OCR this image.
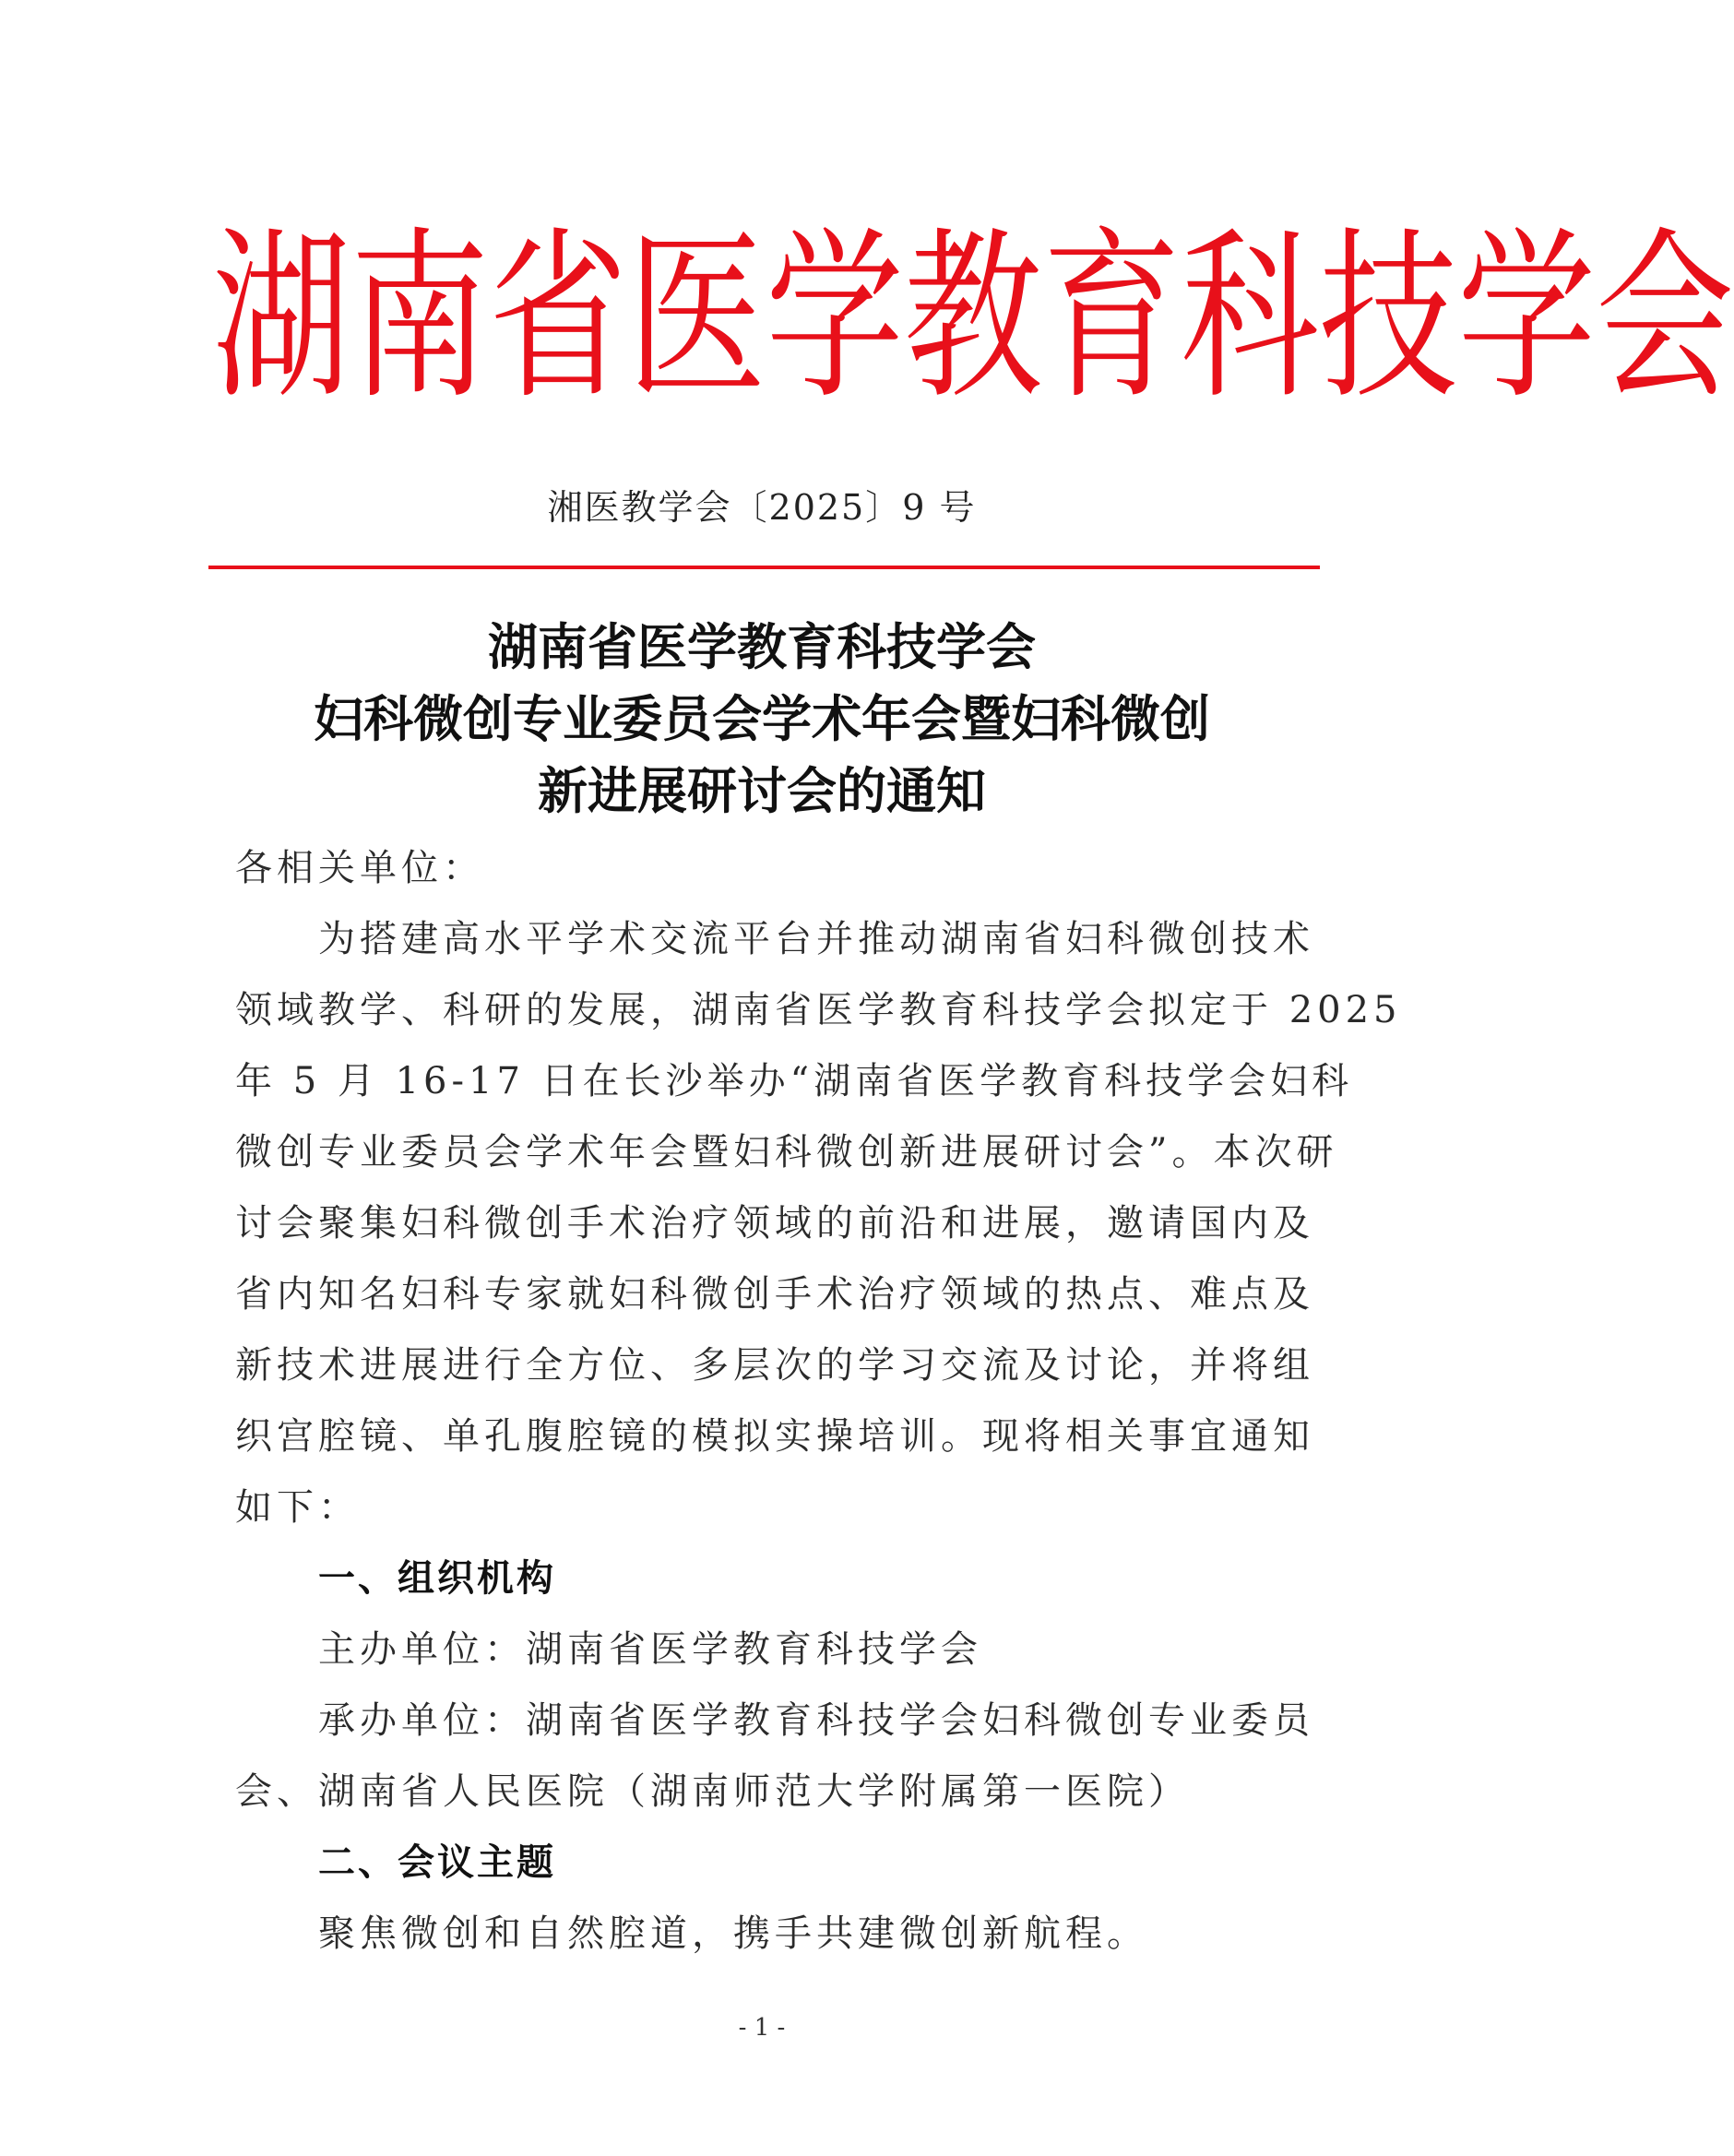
湖 南 省 医 学 教 育 科 技 学 会
湘医教学会〔2025〕9 号
湖南省医学教育科技学会
妇科微创专业委员会学术年会暨妇科微创
新进展研讨会的通知
各相关单位：
为搭建高水平学术交流平台并推动湖南省妇科微创技术
领域教学、科研的发展，湖南省医学教育科技学会拟定于 2025
年 5 月 16-17 日在长沙举办“湖南省医学教育科技学会妇科
微创专业委员会学术年会暨妇科微创新进展研讨会”。本次研
讨会聚集妇科微创手术治疗领域的前沿和进展，邀请国内及
省内知名妇科专家就妇科微创手术治疗领域的热点、难点及
新技术进展进行全方位、多层次的学习交流及讨论，并将组
织宫腔镜、单孔腹腔镜的模拟实操培训。现将相关事宜通知
如下：
一、组织机构
主办单位：湖南省医学教育科技学会
承办单位：湖南省医学教育科技学会妇科微创专业委员
会、湖南省人民医院（湖南师范大学附属第一医院）
二、会议主题
聚焦微创和自然腔道，携手共建微创新航程。
- 1 -
